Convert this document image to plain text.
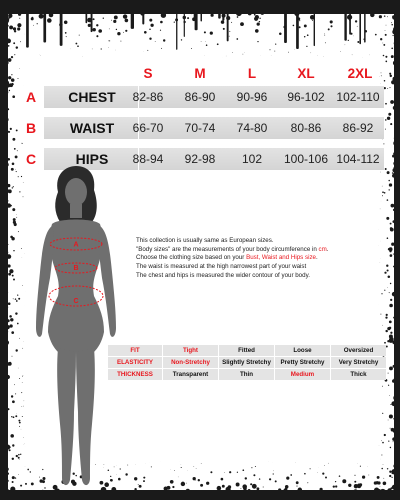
S	M	L	XL	2XL
A	CHEST	82-86	86-90	90-96	96-102 102-110
B	WAIST	66-70	70-74	74-80	80-86	86-92
C	HIPS	88-94	92-98	102	100-106 104-112
A
B
C
This collection is usually same as European sizes.
"Body sizes" are the measurements of your body circumference in cm.
Choose the clothing size based on your Bust, Waist and Hips size.
The waist is measured at the high narrowest part of your waist
The chest and hips is measured the wider contour of your body.
FIT	Tight	Fitted	Loose	Oversized
ELASTICITY	Non-Stretchy	Slightly Stretchy	Pretty Stretchy	Very Stretchy
THICKNESS	Transparent	Thin	Medium	Thick
